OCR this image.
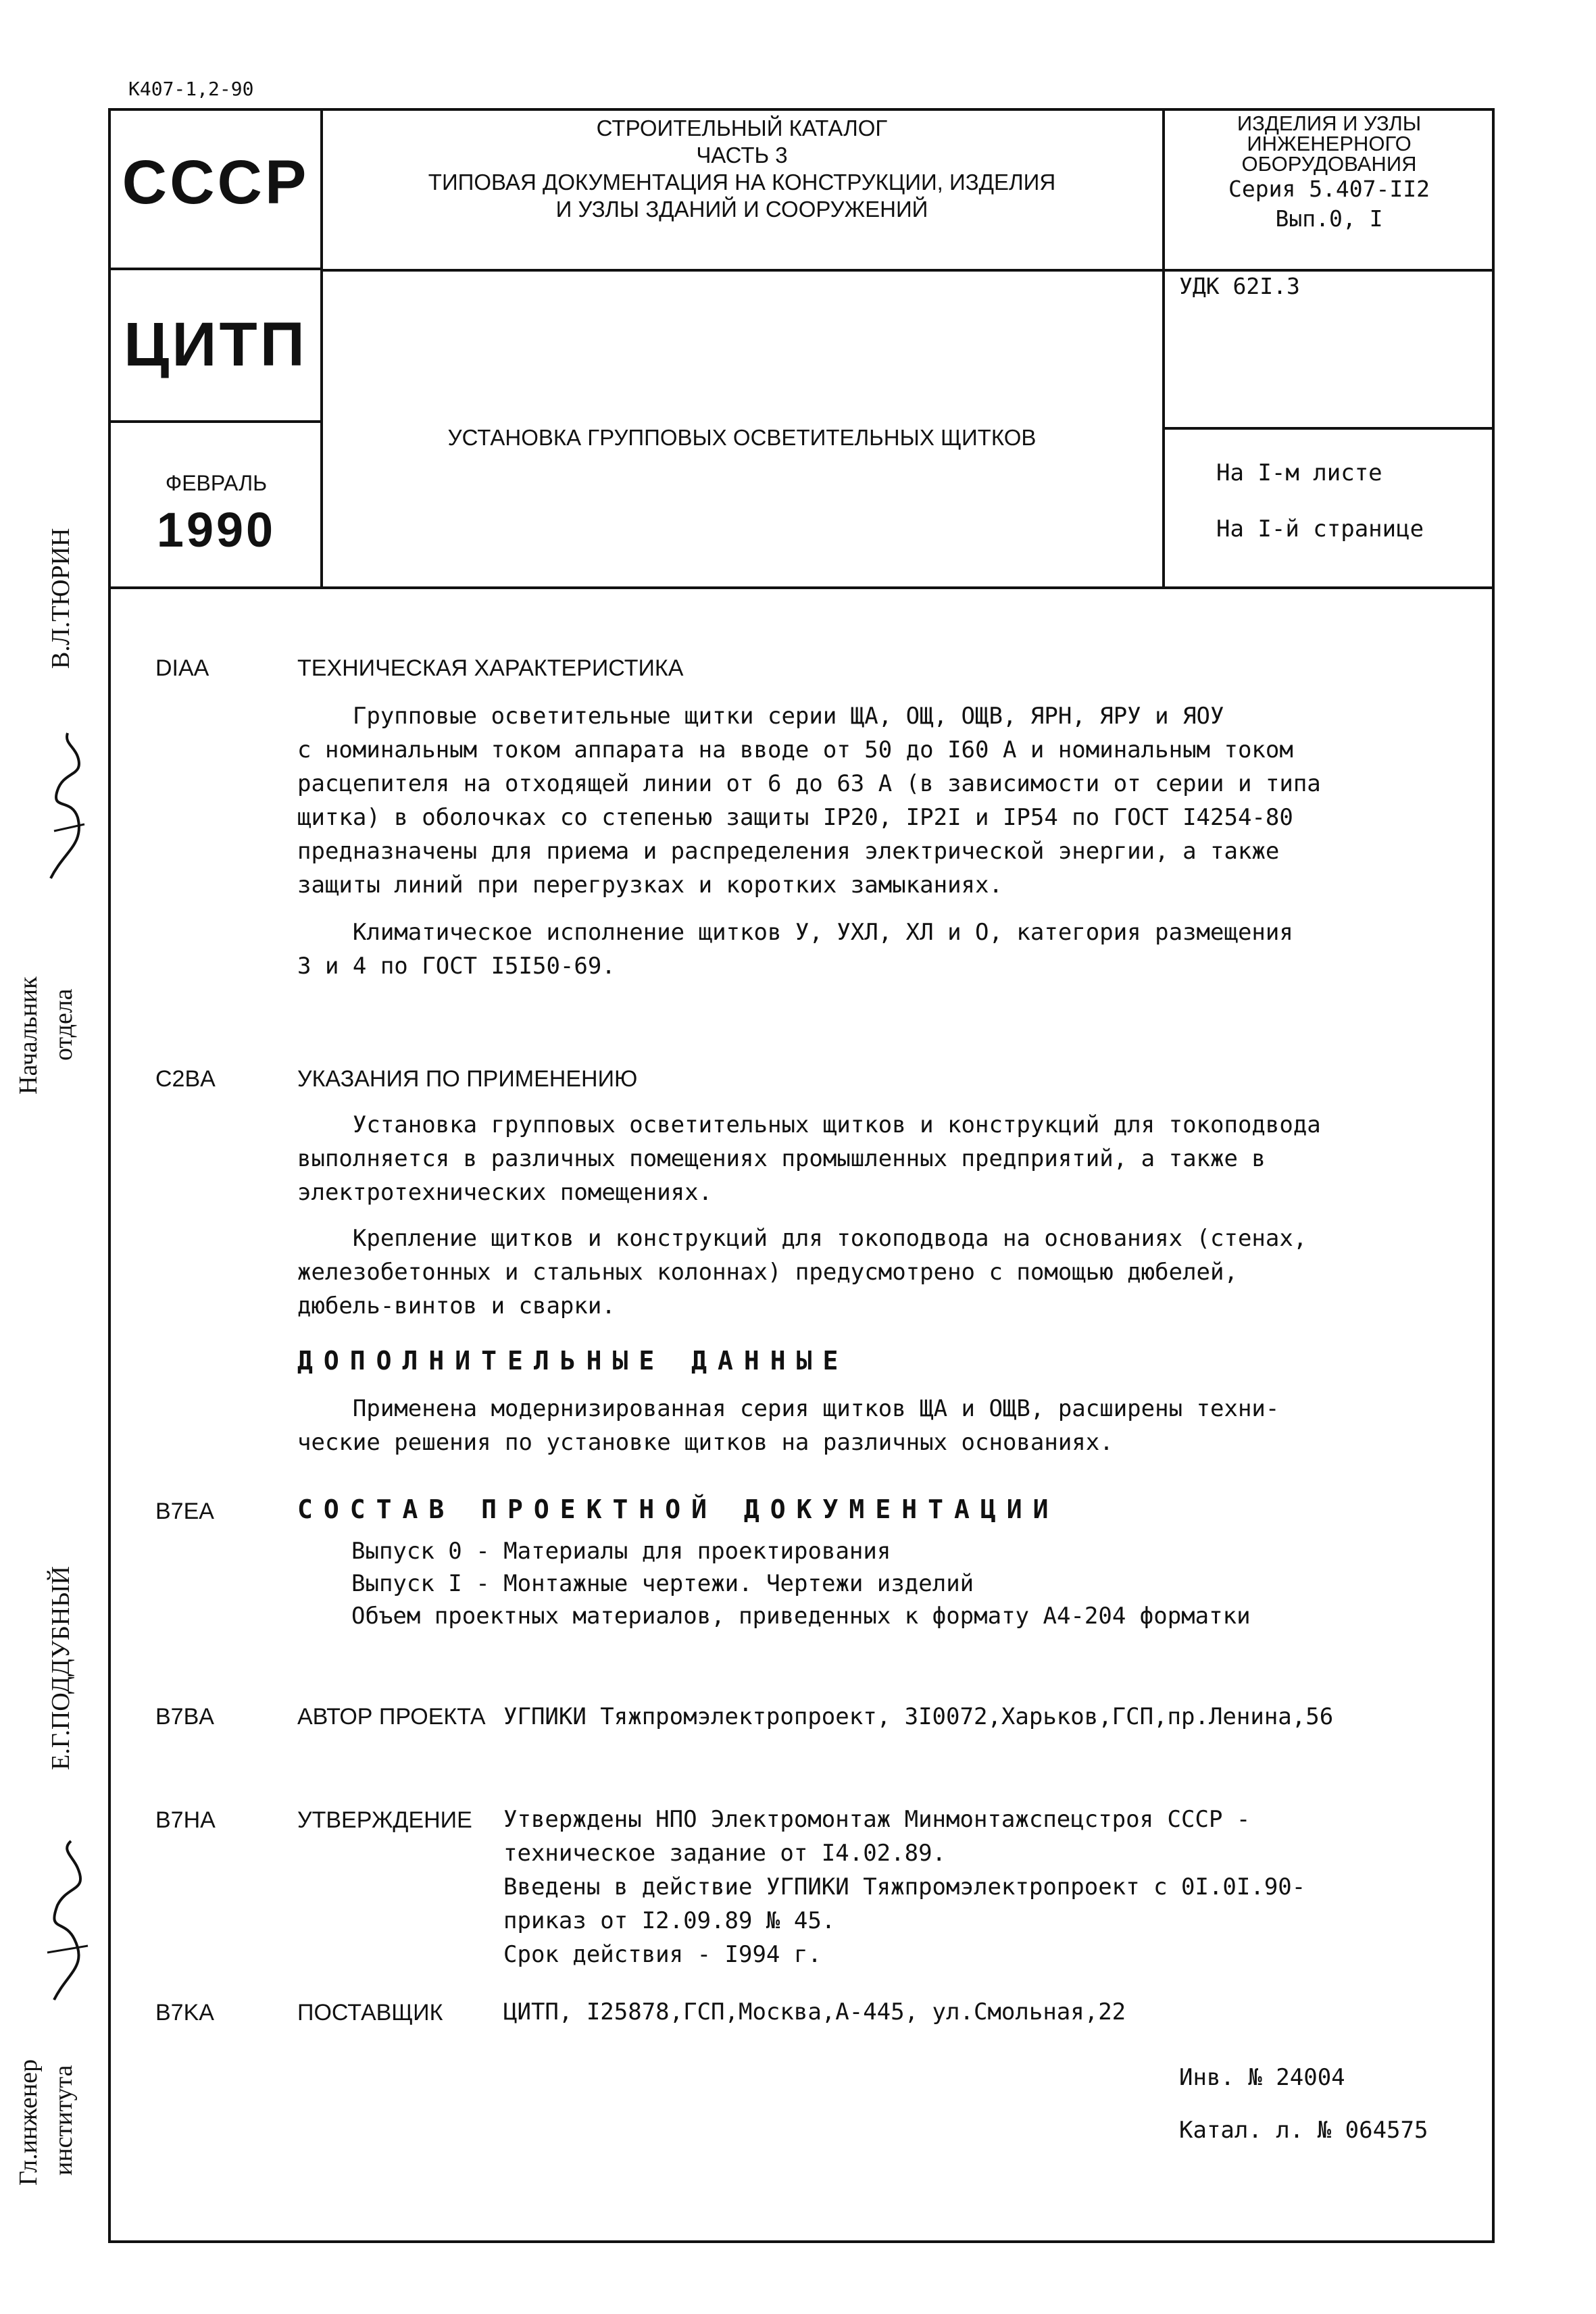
К407-1,2-90
СССР
СТРОИТЕЛЬНЫЙ КАТАЛОГ
ЧАСТЬ 3
ТИПОВАЯ ДОКУМЕНТАЦИЯ НА КОНСТРУКЦИИ, ИЗДЕЛИЯ
И УЗЛЫ ЗДАНИЙ И СООРУЖЕНИЙ
ИЗДЕЛИЯ И УЗЛЫ
ИНЖЕНЕРНОГО
ОБОРУДОВАНИЯ
Серия 5.407-II2
Вып.0, I
ЦИТП
УСТАНОВКА ГРУППОВЫХ ОСВЕТИТЕЛЬНЫХ ЩИТКОВ
УДК 62I.3
ФЕВРАЛЬ
1990
На I-м листе
На I-й странице
DIAA	ТЕХНИЧЕСКАЯ ХАРАКТЕРИСТИКА
Групповые осветительные щитки серии ЩА, ОЩ, ОЩВ, ЯРН, ЯРУ и ЯОУ
с номинальным током аппарата на вводе от 50 до I60 А и номинальным током
расцепителя на отходящей линии от 6 до 63 А (в зависимости от серии и типа
щитка) в оболочках со степенью защиты IP20, IP2I и IP54 по ГОСТ I4254-80
предназначены для приема и распределения электрической энергии, а также
защиты линий при перегрузках и коротких замыканиях.
Климатическое исполнение щитков У, УХЛ, ХЛ и О, категория размещения
3 и 4 по ГОСТ I5I50-69.
C2BA	УКАЗАНИЯ ПО ПРИМЕНЕНИЮ
Установка групповых осветительных щитков и конструкций для токоподвода
выполняется в различных помещениях промышленных предприятий, а также в
электротехнических помещениях.
Крепление щитков и конструкций для токоподвода на основаниях (стенах,
железобетонных и стальных колоннах) предусмотрено с помощью дюбелей,
дюбель-винтов и сварки.
ДОПОЛНИТЕЛЬНЫЕ ДАННЫЕ
Применена модернизированная серия щитков ЩА и ОЩВ, расширены техни-
ческие решения по установке щитков на различных основаниях.
B7EA	СОСТАВ ПРОЕКТНОЙ ДОКУМЕНТАЦИИ
Выпуск 0 - Материалы для проектирования
Выпуск I - Монтажные чертежи. Чертежи изделий
Объем проектных материалов, приведенных к формату А4-204 форматки
B7BA	АВТОР ПРОЕКТА УГПИКИ Тяжпромэлектропроект, 3I0072,Харьков,ГСП,пр.Ленина,56
B7HA	УТВЕРЖДЕНИЕ Утверждены НПО Электромонтаж Минмонтажспецстроя СССР -
техническое задание от I4.02.89.
Введены в действие УГПИКИ Тяжпромэлектропроект с 0I.0I.90-
приказ от I2.09.89 № 45.
Срок действия - I994 г.
B7KA	ПОСТАВЩИК	ЦИТП, I25878,ГСП,Москва,А-445, ул.Смольная,22
Инв. № 24004
Катал. л. № 064575
В.Л.ТЮРИН
Начальник отдела
Е.Г.ПОДДУБНЫЙ
Гл.инженер института
